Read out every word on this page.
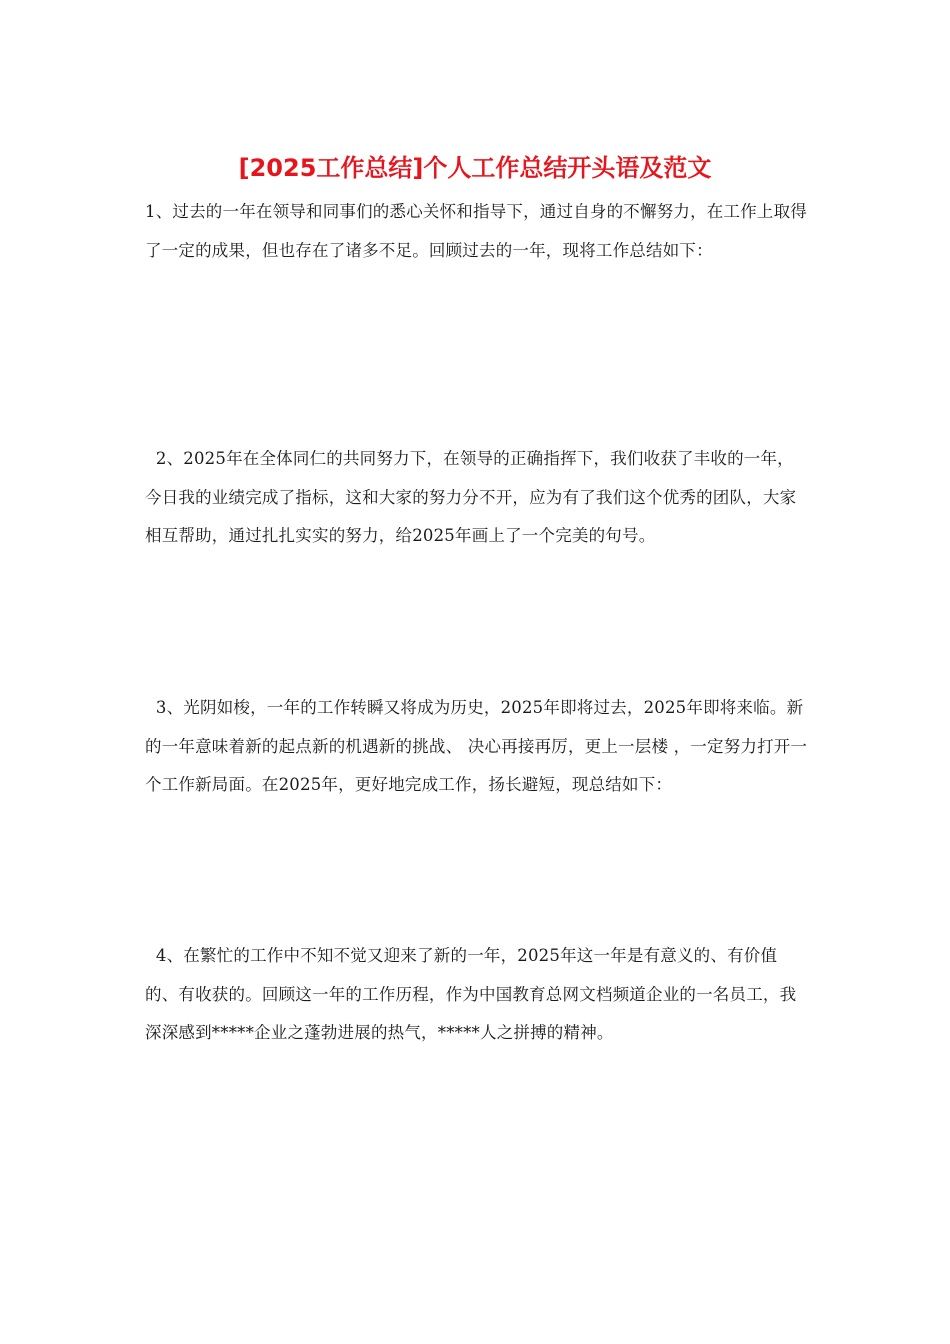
[2025工作总结]个人工作总结开头语及范文
1、过去的一年在领导和同事们的悉心关怀和指导下，通过自身的不懈努力，在工作上取得了一定的成果，但也存在了诸多不足。回顾过去的一年，现将工作总结如下：
2、2025年在全体同仁的共同努力下，在领导的正确指挥下，我们收获了丰收的一年，今日我的业绩完成了指标，这和大家的努力分不开，应为有了我们这个优秀的团队，大家相互帮助，通过扎扎实实的努力，给2025年画上了一个完美的句号。
3、光阴如梭，一年的工作转瞬又将成为历史，2025年即将过去，2025年即将来临。新的一年意味着新的起点新的机遇新的挑战、 决心再接再厉，更上一层楼 ，一定努力打开一个工作新局面。在2025年，更好地完成工作，扬长避短，现总结如下：
4、在繁忙的工作中不知不觉又迎来了新的一年，2025年这一年是有意义的、有价值的、有收获的。回顾这一年的工作历程，作为中国教育总网文档频道企业的一名员工，我深深感到*****企业之蓬勃进展的热气，*****人之拼搏的精神。
